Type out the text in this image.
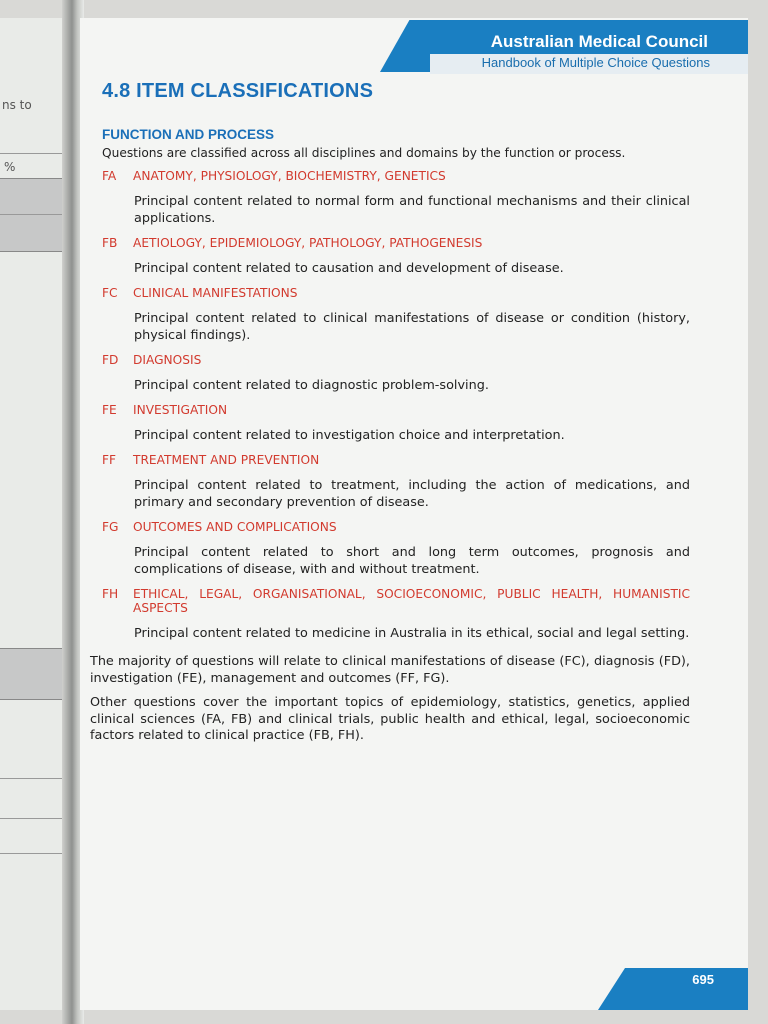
ns to
%
Australian Medical Council
Handbook of Multiple Choice Questions
4.8 ITEM CLASSIFICATIONS
FUNCTION AND PROCESS
Questions are classified across all disciplines and domains by the function or process.
FA	ANATOMY, PHYSIOLOGY, BIOCHEMISTRY, GENETICS
Principal content related to normal form and functional mechanisms and their clinical applications.
FB	AETIOLOGY, EPIDEMIOLOGY, PATHOLOGY, PATHOGENESIS
Principal content related to causation and development of disease.
FC	CLINICAL MANIFESTATIONS
Principal content related to clinical manifestations of disease or condition (history, physical findings).
FD	DIAGNOSIS
Principal content related to diagnostic problem-solving.
FE	INVESTIGATION
Principal content related to investigation choice and interpretation.
FF	TREATMENT AND PREVENTION
Principal content related to treatment, including the action of medications, and primary and secondary prevention of disease.
FG	OUTCOMES AND COMPLICATIONS
Principal content related to short and long term outcomes, prognosis and complications of disease, with and without treatment.
FH	ETHICAL, LEGAL, ORGANISATIONAL, SOCIOECONOMIC, PUBLIC HEALTH, HUMANISTIC ASPECTS
Principal content related to medicine in Australia in its ethical, social and legal setting.
The majority of questions will relate to clinical manifestations of disease (FC), diagnosis (FD), investigation (FE), management and outcomes (FF, FG).
Other questions cover the important topics of epidemiology, statistics, genetics, applied clinical sciences (FA, FB) and clinical trials, public health and ethical, legal, socioeconomic factors related to clinical practice (FB, FH).
695
